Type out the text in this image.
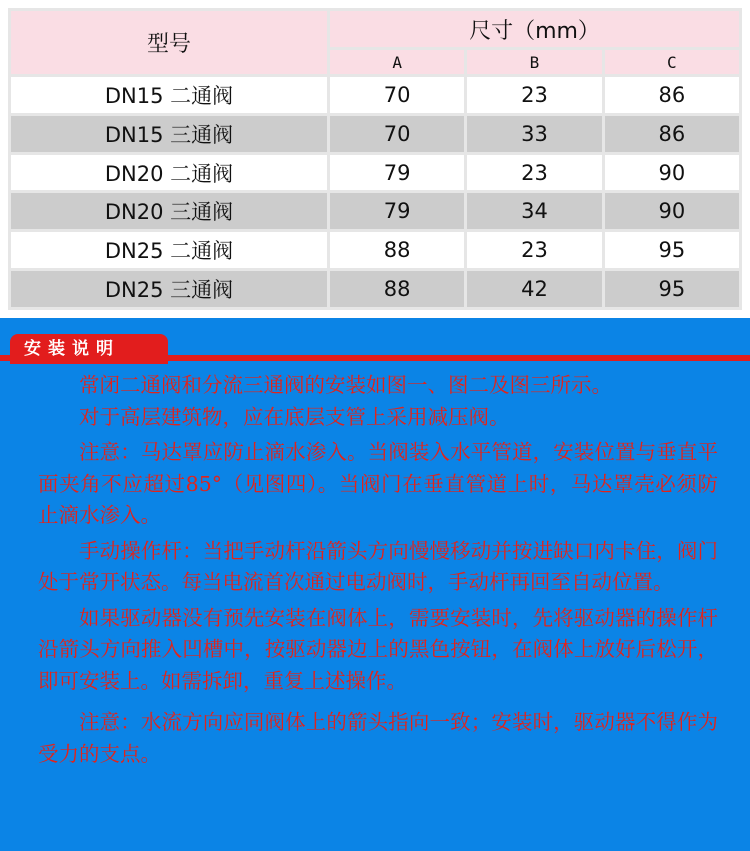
型号	尺寸（mm）		
	A	B	C
DN15 二通阀	70	23	86
DN15 三通阀	70	33	86
DN20 二通阀	79	23	90
DN20 三通阀	79	34	90
DN25 二通阀	88	23	95
DN25 三通阀	88	42	95
安装说明

常闭二通阀和分流三通阀的安装如图一、图二及图三所示。

对于高层建筑物，应在底层支管上采用减压阀。

注意：马达罩应防止滴水渗入。当阀装入水平管道，安装位置与垂直平面夹角不应超过85°（见图四）。当阀门在垂直管道上时，马达罩壳必须防止滴水渗入。

手动操作杆：当把手动杆沿箭头方向慢慢移动并按进缺口内卡住，阀门处于常开状态。每当电流首次通过电动阀时，手动杆再回至自动位置。

如果驱动器没有预先安装在阀体上，需要安装时，先将驱动器的操作杆沿箭头方向推入凹槽中，按驱动器边上的黑色按钮，在阀体上放好后松开，即可安装上。如需拆卸，重复上述操作。

注意：水流方向应同阀体上的箭头指向一致；安装时，驱动器不得作为受力的支点。
